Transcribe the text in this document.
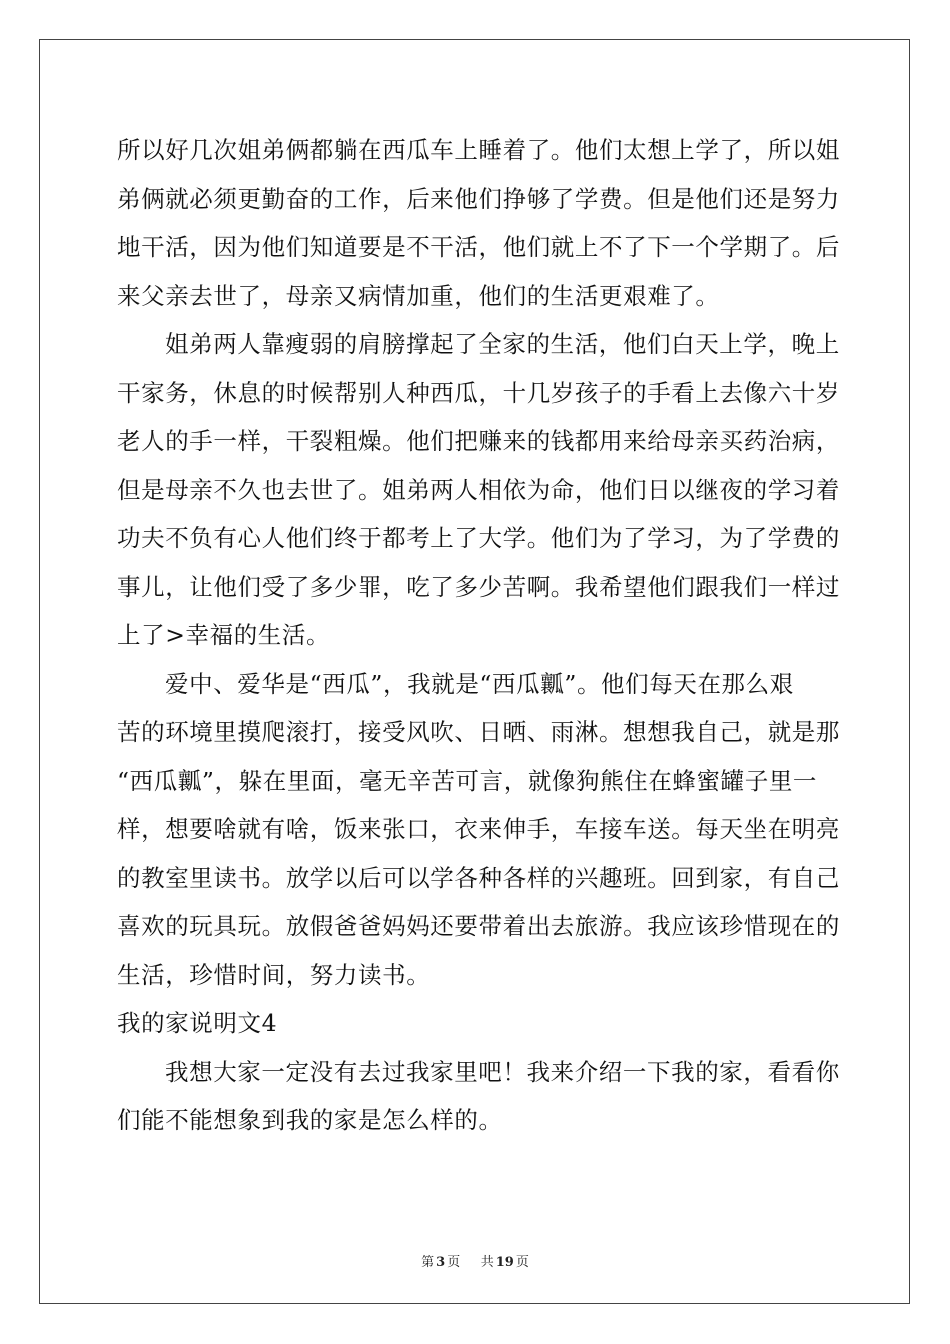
所以好几次姐弟俩都躺在西瓜车上睡着了。他们太想上学了，所以姐
弟俩就必须更勤奋的工作，后来他们挣够了学费。但是他们还是努力
地干活，因为他们知道要是不干活，他们就上不了下一个学期了。后
来父亲去世了，母亲又病情加重，他们的生活更艰难了。
姐弟两人靠瘦弱的肩膀撑起了全家的生活，他们白天上学，晚上
干家务，休息的时候帮别人种西瓜，十几岁孩子的手看上去像六十岁
老人的手一样，干裂粗燥。他们把赚来的钱都用来给母亲买药治病，
但是母亲不久也去世了。姐弟两人相依为命，他们日以继夜的学习着
功夫不负有心人他们终于都考上了大学。他们为了学习，为了学费的
事儿，让他们受了多少罪，吃了多少苦啊。我希望他们跟我们一样过
上了>幸福的生活。
爱中、爱华是“西瓜”，我就是“西瓜瓤”。他们每天在那么艰
苦的环境里摸爬滚打，接受风吹、日晒、雨淋。想想我自己，就是那
“西瓜瓤”，躲在里面，毫无辛苦可言，就像狗熊住在蜂蜜罐子里一
样，想要啥就有啥，饭来张口，衣来伸手，车接车送。每天坐在明亮
的教室里读书。放学以后可以学各种各样的兴趣班。回到家，有自己
喜欢的玩具玩。放假爸爸妈妈还要带着出去旅游。我应该珍惜现在的
生活，珍惜时间，努力读书。
我的家说明文4
我想大家一定没有去过我家里吧！我来介绍一下我的家，看看你
们能不能想象到我的家是怎么样的。
第 3 页 共 19 页
